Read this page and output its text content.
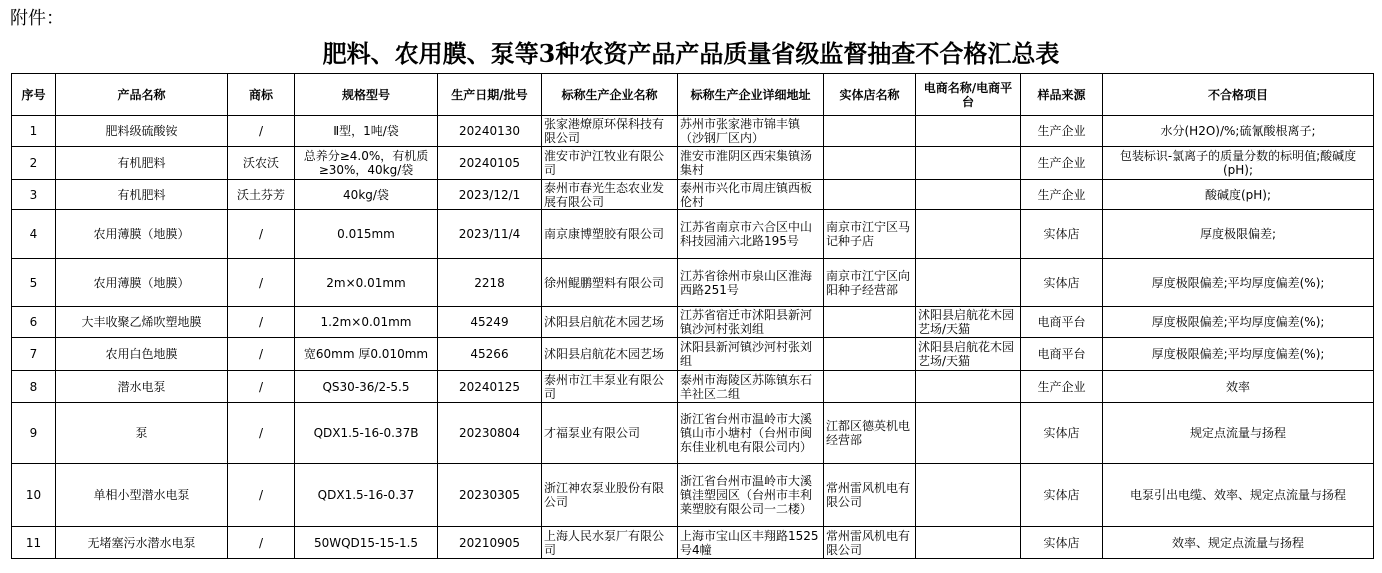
附件：
肥料、农用膜、泵等3种农资产品产品质量省级监督抽查不合格汇总表
序号	产品名称	商标	规格型号	生产日期/批号	标称生产企业名称	标称生产企业详细地址	实体店名称	电商名称/电商平台	样品来源	不合格项目
1	肥料级硫酸铵	/	Ⅱ型，1吨/袋	20240130	张家港燎原环保科技有限公司	苏州市张家港市锦丰镇（沙钢厂区内）			生产企业	水分(H2O)/%;硫氰酸根离子;
2	有机肥料	沃农沃	总养分≥4.0%，有机质≥30%，40kg/袋	20240105	淮安市沪江牧业有限公司	淮安市淮阴区西宋集镇汤集村			生产企业	包装标识-氯离子的质量分数的标明值;酸碱度(pH);
3	有机肥料	沃土芬芳	40kg/袋	2023/12/1	泰州市春光生态农业发展有限公司	泰州市兴化市周庄镇西板伦村			生产企业	酸碱度(pH);
4	农用薄膜（地膜）	/	0.015mm	2023/11/4	南京康博塑胶有限公司	江苏省南京市六合区中山科技园浦六北路195号	南京市江宁区马记种子店		实体店	厚度极限偏差;
5	农用薄膜（地膜）	/	2m×0.01mm	2218	徐州鲲鹏塑料有限公司	江苏省徐州市泉山区淮海西路251号	南京市江宁区向阳种子经营部		实体店	厚度极限偏差;平均厚度偏差(%);
6	大丰收聚乙烯吹塑地膜	/	1.2m×0.01mm	45249	沭阳县启航花木园艺场	江苏省宿迁市沭阳县新河镇沙河村张刘组		沭阳县启航花木园艺场/天猫	电商平台	厚度极限偏差;平均厚度偏差(%);
7	农用白色地膜	/	宽60mm 厚0.010mm	45266	沭阳县启航花木园艺场	沭阳县新河镇沙河村张刘组		沭阳县启航花木园艺场/天猫	电商平台	厚度极限偏差;平均厚度偏差(%);
8	潜水电泵	/	QS30-36/2-5.5	20240125	泰州市江丰泵业有限公司	泰州市海陵区苏陈镇东石羊社区二组			生产企业	效率
9	泵	/	QDX1.5-16-0.37B	20230804	才福泵业有限公司	浙江省台州市温岭市大溪镇山市小塘村（台州市闽东佳业机电有限公司内）	江都区德英机电经营部		实体店	规定点流量与扬程
10	单相小型潜水电泵	/	QDX1.5-16-0.37	20230305	浙江神农泵业股份有限公司	浙江省台州市温岭市大溪镇洼塑园区（台州市丰利莱塑胶有限公司一二楼）	常州雷风机电有限公司		实体店	电泵引出电缆、效率、规定点流量与扬程
11	无堵塞污水潜水电泵	/	50WQD15-15-1.5	20210905	上海人民水泵厂有限公司	上海市宝山区丰翔路1525号4幢	常州雷风机电有限公司		实体店	效率、规定点流量与扬程
